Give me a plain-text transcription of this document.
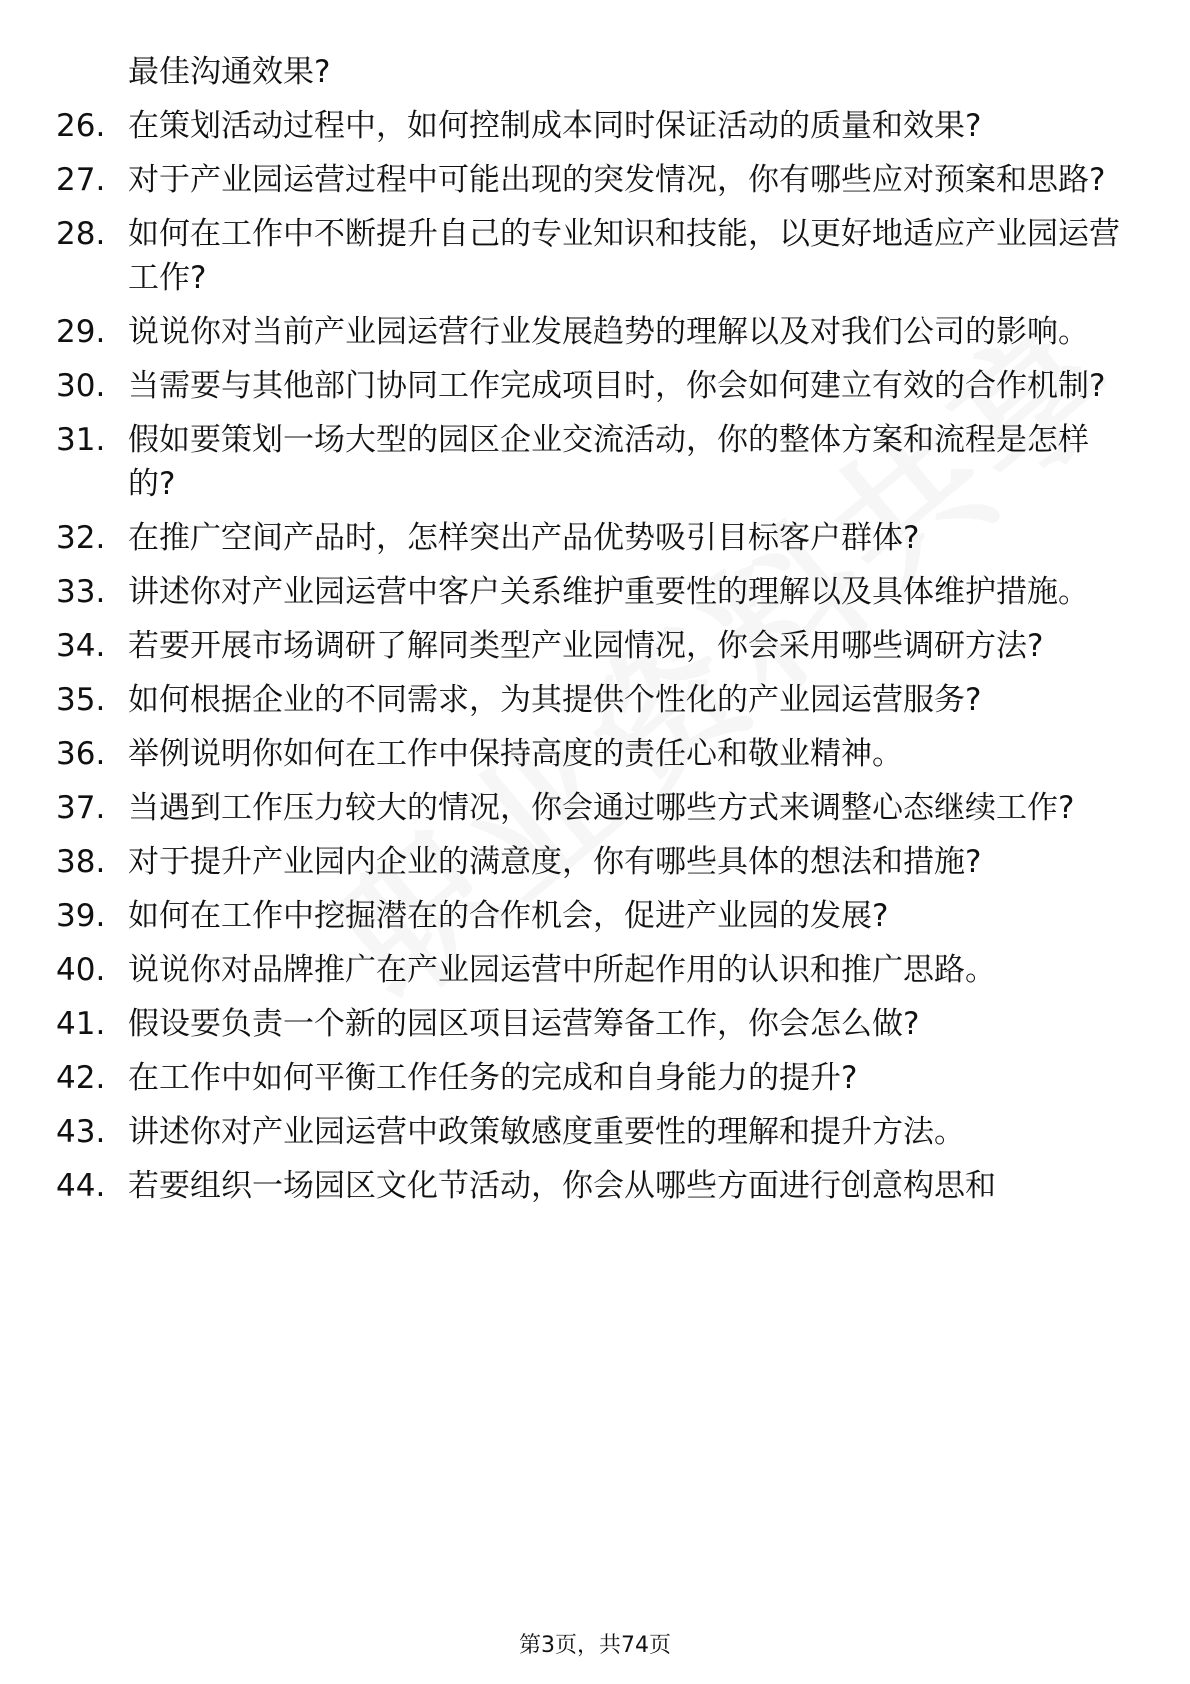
最佳沟通效果?
26. 在策划活动过程中，如何控制成本同时保证活动的质量和效果?
27. 对于产业园运营过程中可能出现的突发情况，你有哪些应对预案和思路?
28. 如何在工作中不断提升自己的专业知识和技能，以更好地适应产业园运营工作?
29. 说说你对当前产业园运营行业发展趋势的理解以及对我们公司的影响。
30. 当需要与其他部门协同工作完成项目时，你会如何建立有效的合作机制?
31. 假如要策划一场大型的园区企业交流活动，你的整体方案和流程是怎样的?
32. 在推广空间产品时，怎样突出产品优势吸引目标客户群体?
33. 讲述你对产业园运营中客户关系维护重要性的理解以及具体维护措施。
34. 若要开展市场调研了解同类型产业园情况，你会采用哪些调研方法?
35. 如何根据企业的不同需求，为其提供个性化的产业园运营服务?
36. 举例说明你如何在工作中保持高度的责任心和敬业精神。
37. 当遇到工作压力较大的情况，你会通过哪些方式来调整心态继续工作?
38. 对于提升产业园内企业的满意度，你有哪些具体的想法和措施?
39. 如何在工作中挖掘潜在的合作机会，促进产业园的发展?
40. 说说你对品牌推广在产业园运营中所起作用的认识和推广思路。
41. 假设要负责一个新的园区项目运营筹备工作，你会怎么做?
42. 在工作中如何平衡工作任务的完成和自身能力的提升?
43. 讲述你对产业园运营中政策敏感度重要性的理解和提升方法。
44. 若要组织一场园区文化节活动，你会从哪些方面进行创意构思和
第3页，共74页
